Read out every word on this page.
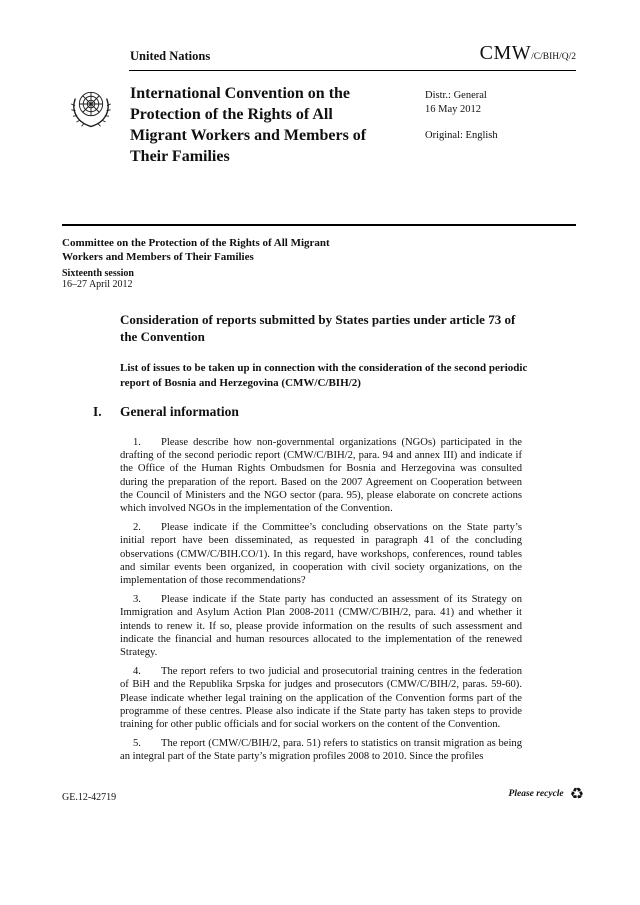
United Nations	CMW/C/BIH/Q/2
International Convention on the Protection of the Rights of All Migrant Workers and Members of Their Families
Distr.: General
16 May 2012
Original: English
Committee on the Protection of the Rights of All Migrant Workers and Members of Their Families
Sixteenth session
16–27 April 2012
Consideration of reports submitted by States parties under article 73 of the Convention
List of issues to be taken up in connection with the consideration of the second periodic report of Bosnia and Herzegovina (CMW/C/BIH/2)
I. General information

1. Please describe how non-governmental organizations (NGOs) participated in the drafting of the second periodic report (CMW/C/BIH/2, para. 94 and annex III) and indicate if the Office of the Human Rights Ombudsmen for Bosnia and Herzegovina was consulted during the preparation of the report. Based on the 2007 Agreement on Cooperation between the Council of Ministers and the NGO sector (para. 95), please elaborate on concrete actions which involved NGOs in the implementation of the Convention.

2. Please indicate if the Committee’s concluding observations on the State party’s initial report have been disseminated, as requested in paragraph 41 of the concluding observations (CMW/C/BIH.CO/1). In this regard, have workshops, conferences, round tables and similar events been organized, in cooperation with civil society organizations, on the implementation of those recommendations?

3. Please indicate if the State party has conducted an assessment of its Strategy on Immigration and Asylum Action Plan 2008-2011 (CMW/C/BIH/2, para. 41) and whether it intends to renew it. If so, please provide information on the results of such assessment and indicate the financial and human resources allocated to the implementation of the renewed Strategy.

4. The report refers to two judicial and prosecutorial training centres in the federation of BiH and the Republika Srpska for judges and prosecutors (CMW/C/BIH/2, paras. 59-60). Please indicate whether legal training on the application of the Convention forms part of the programme of these centres. Please also indicate if the State party has taken steps to provide training for other public officials and for social workers on the content of the Convention.

5. The report (CMW/C/BIH/2, para. 51) refers to statistics on transit migration as being an integral part of the State party’s migration profiles 2008 to 2010. Since the profiles

GE.12-42719	Please recycle ♻
